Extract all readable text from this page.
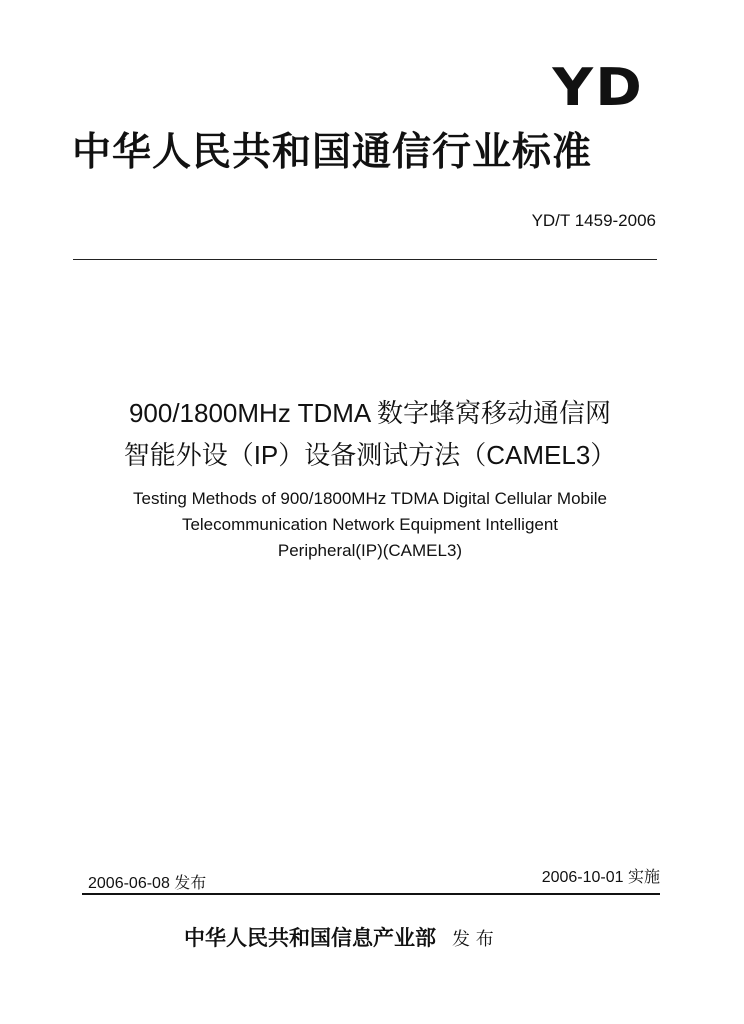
YD
中华人民共和国通信行业标准
YD/T 1459-2006
900/1800MHz TDMA 数字蜂窝移动通信网
智能外设（IP）设备测试方法（CAMEL3）
Testing Methods of 900/1800MHz TDMA Digital Cellular Mobile
Telecommunication Network Equipment Intelligent
Peripheral(IP)(CAMEL3)
2006-06-08 发布	2006-10-01 实施
中华人民共和国信息产业部 发 布
